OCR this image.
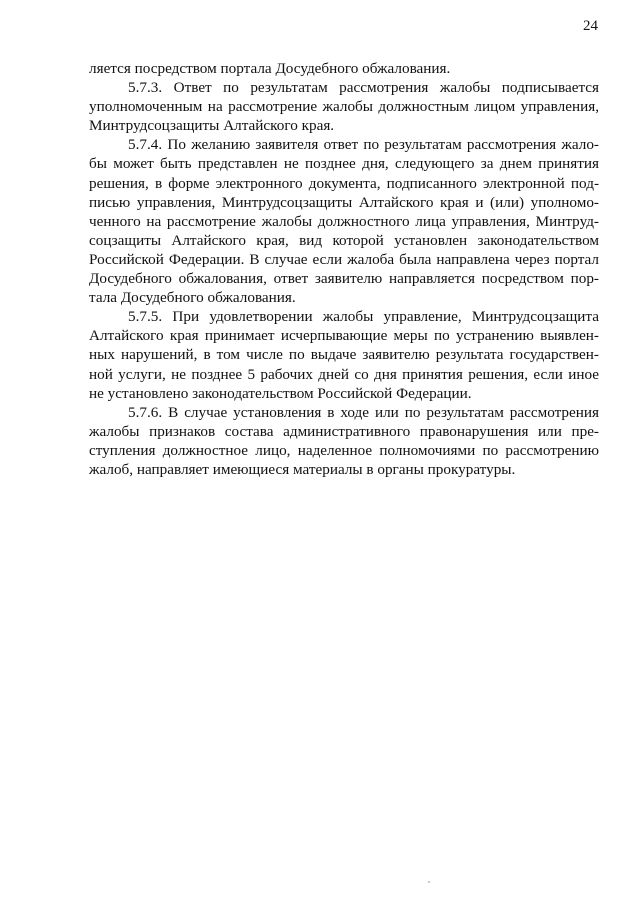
24
ляется посредством портала Досудебного обжалования.
5.7.3. Ответ по результатам рассмотрения жалобы подписывается
уполномоченным на рассмотрение жалобы должностным лицом управления,
Минтрудсоцзащиты Алтайского края.
5.7.4. По желанию заявителя ответ по результатам рассмотрения жало-
бы может быть представлен не позднее дня, следующего за днем принятия
решения, в форме электронного документа, подписанного электронной под-
писью управления, Минтрудсоцзащиты Алтайского края и (или) уполномо-
ченного на рассмотрение жалобы должностного лица управления, Минтруд-
соцзащиты Алтайского края, вид которой установлен законодательством
Российской Федерации. В случае если жалоба была направлена через портал
Досудебного обжалования, ответ заявителю направляется посредством пор-
тала Досудебного обжалования.
5.7.5. При удовлетворении жалобы управление, Минтрудсоцзащита
Алтайского края принимает исчерпывающие меры по устранению выявлен-
ных нарушений, в том числе по выдаче заявителю результата государствен-
ной услуги, не позднее 5 рабочих дней со дня принятия решения, если иное
не установлено законодательством Российской Федерации.
5.7.6. В случае установления в ходе или по результатам рассмотрения
жалобы признаков состава административного правонарушения или пре-
ступления должностное лицо, наделенное полномочиями по рассмотрению
жалоб, направляет имеющиеся материалы в органы прокуратуры.
